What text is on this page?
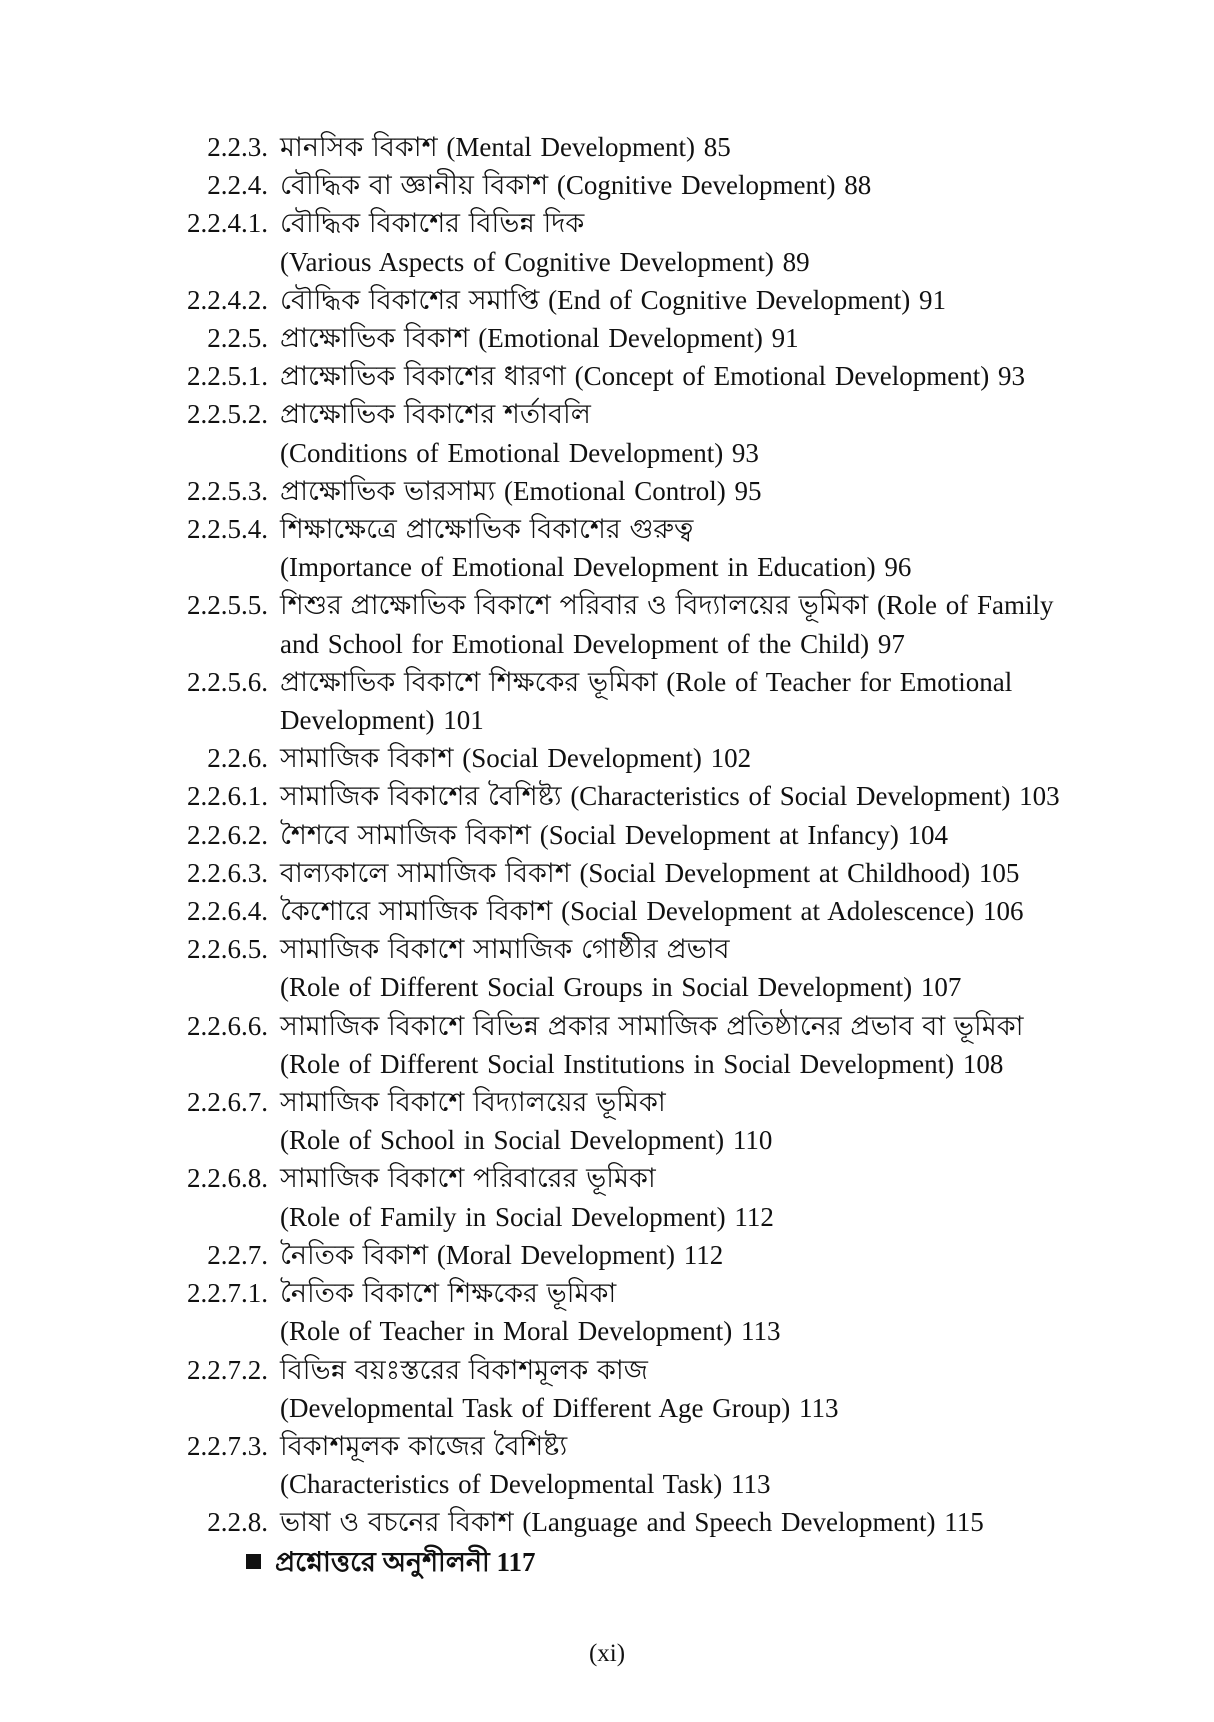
2.2.3. মানসিক বিকাশ (Mental Development) 85
2.2.4. বৌদ্ধিক বা জ্ঞানীয় বিকাশ (Cognitive Development) 88
2.2.4.1. বৌদ্ধিক বিকাশের বিভিন্ন দিক
(Various Aspects of Cognitive Development) 89
2.2.4.2. বৌদ্ধিক বিকাশের সমাপ্তি (End of Cognitive Development) 91
2.2.5. প্রাক্ষোভিক বিকাশ (Emotional Development) 91
2.2.5.1. প্রাক্ষোভিক বিকাশের ধারণা (Concept of Emotional Development) 93
2.2.5.2. প্রাক্ষোভিক বিকাশের শর্তাবলি
(Conditions of Emotional Development) 93
2.2.5.3. প্রাক্ষোভিক ভারসাম্য (Emotional Control) 95
2.2.5.4. শিক্ষাক্ষেত্রে প্রাক্ষোভিক বিকাশের গুরুত্ব
(Importance of Emotional Development in Education) 96
2.2.5.5. শিশুর প্রাক্ষোভিক বিকাশে পরিবার ও বিদ্যালয়ের ভূমিকা (Role of Family
and School for Emotional Development of the Child) 97
2.2.5.6. প্রাক্ষোভিক বিকাশে শিক্ষকের ভূমিকা (Role of Teacher for Emotional
Development) 101
2.2.6. সামাজিক বিকাশ (Social Development) 102
2.2.6.1. সামাজিক বিকাশের বৈশিষ্ট্য (Characteristics of Social Development) 103
2.2.6.2. শৈশবে সামাজিক বিকাশ (Social Development at Infancy) 104
2.2.6.3. বাল্যকালে সামাজিক বিকাশ (Social Development at Childhood) 105
2.2.6.4. কৈশোরে সামাজিক বিকাশ (Social Development at Adolescence) 106
2.2.6.5. সামাজিক বিকাশে সামাজিক গোষ্ঠীর প্রভাব
(Role of Different Social Groups in Social Development) 107
2.2.6.6. সামাজিক বিকাশে বিভিন্ন প্রকার সামাজিক প্রতিষ্ঠানের প্রভাব বা ভূমিকা
(Role of Different Social Institutions in Social Development) 108
2.2.6.7. সামাজিক বিকাশে বিদ্যালয়ের ভূমিকা
(Role of School in Social Development) 110
2.2.6.8. সামাজিক বিকাশে পরিবারের ভূমিকা
(Role of Family in Social Development) 112
2.2.7. নৈতিক বিকাশ (Moral Development) 112
2.2.7.1. নৈতিক বিকাশে শিক্ষকের ভূমিকা
(Role of Teacher in Moral Development) 113
2.2.7.2. বিভিন্ন বয়ঃস্তরের বিকাশমূলক কাজ
(Developmental Task of Different Age Group) 113
2.2.7.3. বিকাশমূলক কাজের বৈশিষ্ট্য
(Characteristics of Developmental Task) 113
2.2.8. ভাষা ও বচনের বিকাশ (Language and Speech Development) 115
প্রশ্নোত্তরে অনুশীলনী 117
(xi)
